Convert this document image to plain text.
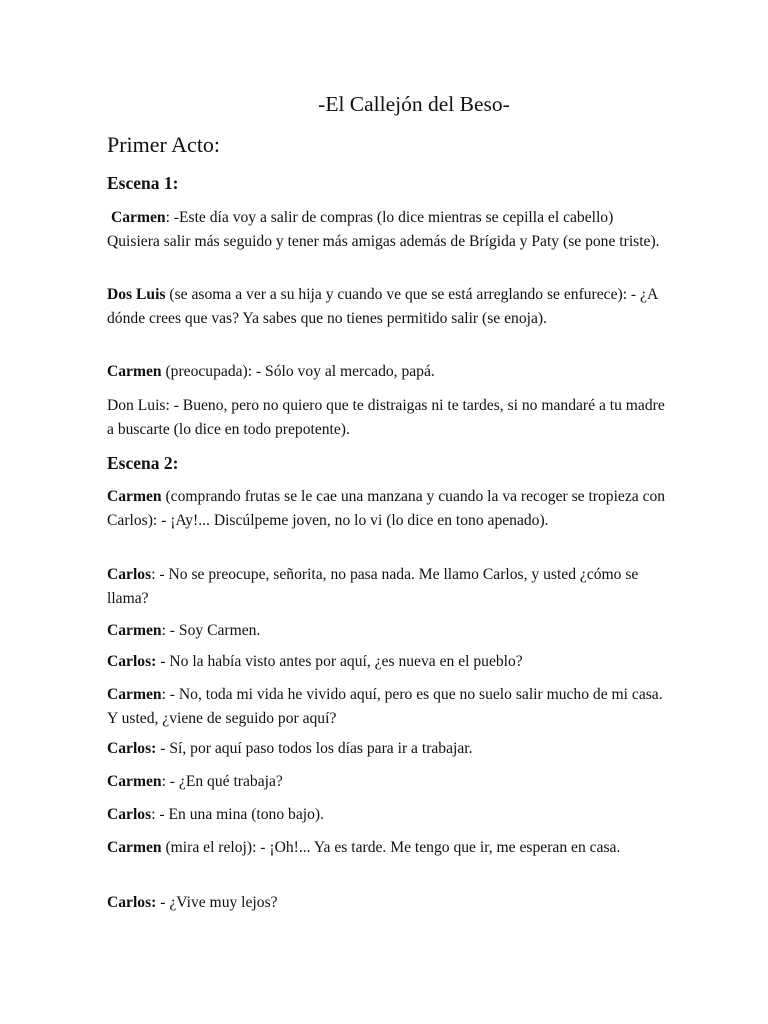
-El Callejón del Beso-
Primer Acto:
Escena 1:

Carmen: -Este día voy a salir de compras (lo dice mientras se cepilla el cabello) Quisiera salir más seguido y tener más amigas además de Brígida y Paty (se pone triste).

Dos Luis (se asoma a ver a su hija y cuando ve que se está arreglando se enfurece): - ¿A dónde crees que vas? Ya sabes que no tienes permitido salir (se enoja).

Carmen (preocupada): - Sólo voy al mercado, papá.

Don Luis: - Bueno, pero no quiero que te distraigas ni te tardes, si no mandaré a tu madre a buscarte (lo dice en todo prepotente).

Escena 2:

Carmen (comprando frutas se le cae una manzana y cuando la va recoger se tropieza con Carlos): - ¡Ay!... Discúlpeme joven, no lo vi (lo dice en tono apenado).

Carlos: - No se preocupe, señorita, no pasa nada. Me llamo Carlos, y usted ¿cómo se llama?

Carmen: - Soy Carmen.

Carlos: - No la había visto antes por aquí, ¿es nueva en el pueblo?

Carmen: - No, toda mi vida he vivido aquí, pero es que no suelo salir mucho de mi casa. Y usted, ¿viene de seguido por aquí?

Carlos: - Sí, por aquí paso todos los días para ir a trabajar.

Carmen: - ¿En qué trabaja?

Carlos: - En una mina (tono bajo).

Carmen (mira el reloj): - ¡Oh!... Ya es tarde. Me tengo que ir, me esperan en casa.

Carlos: - ¿Vive muy lejos?
